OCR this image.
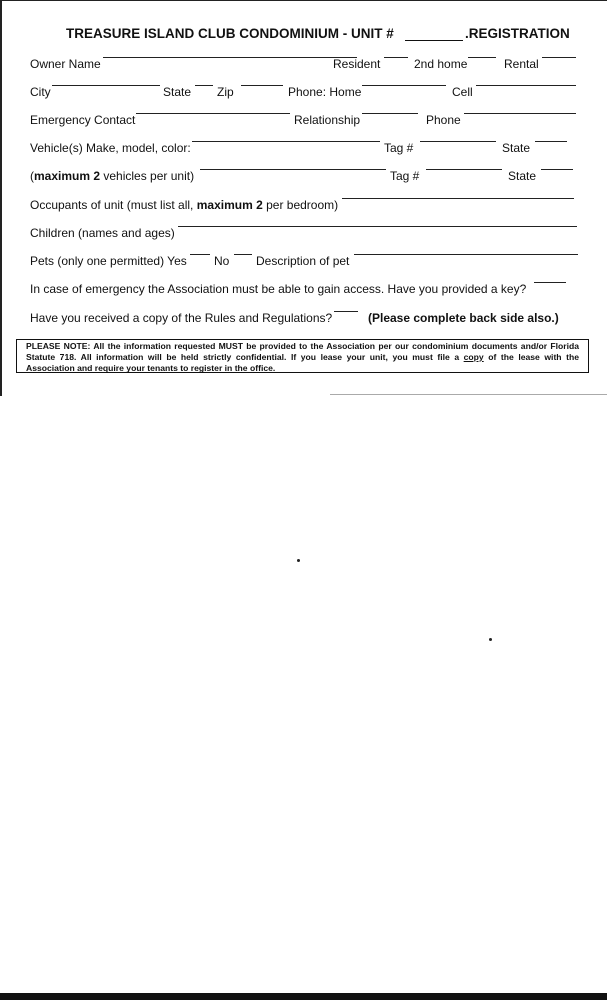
TREASURE ISLAND CLUB CONDOMINIUM - UNIT #	.REGISTRATION
Owner Name	Resident	2nd home	Rental
City	State Zip	Phone: Home	Cell
Emergency Contact	Relationship	Phone
Vehicle(s) Make, model, color:	Tag #	State
(maximum 2 vehicles per unit)	Tag #	State
Occupants of unit (must list all, maximum 2 per bedroom)
Children (names and ages)
Pets (only one permitted) Yes No Description of pet
In case of emergency the Association must be able to gain access. Have you provided a key?
Have you received a copy of the Rules and Regulations?	(Please complete back side also.)
PLEASE NOTE: All the information requested MUST be provided to the Association per our condominium documents and/or Florida Statute 718. All information will be held strictly confidential. If you lease your unit, you must file a copy of the lease with the Association and require your tenants to register in the office.
